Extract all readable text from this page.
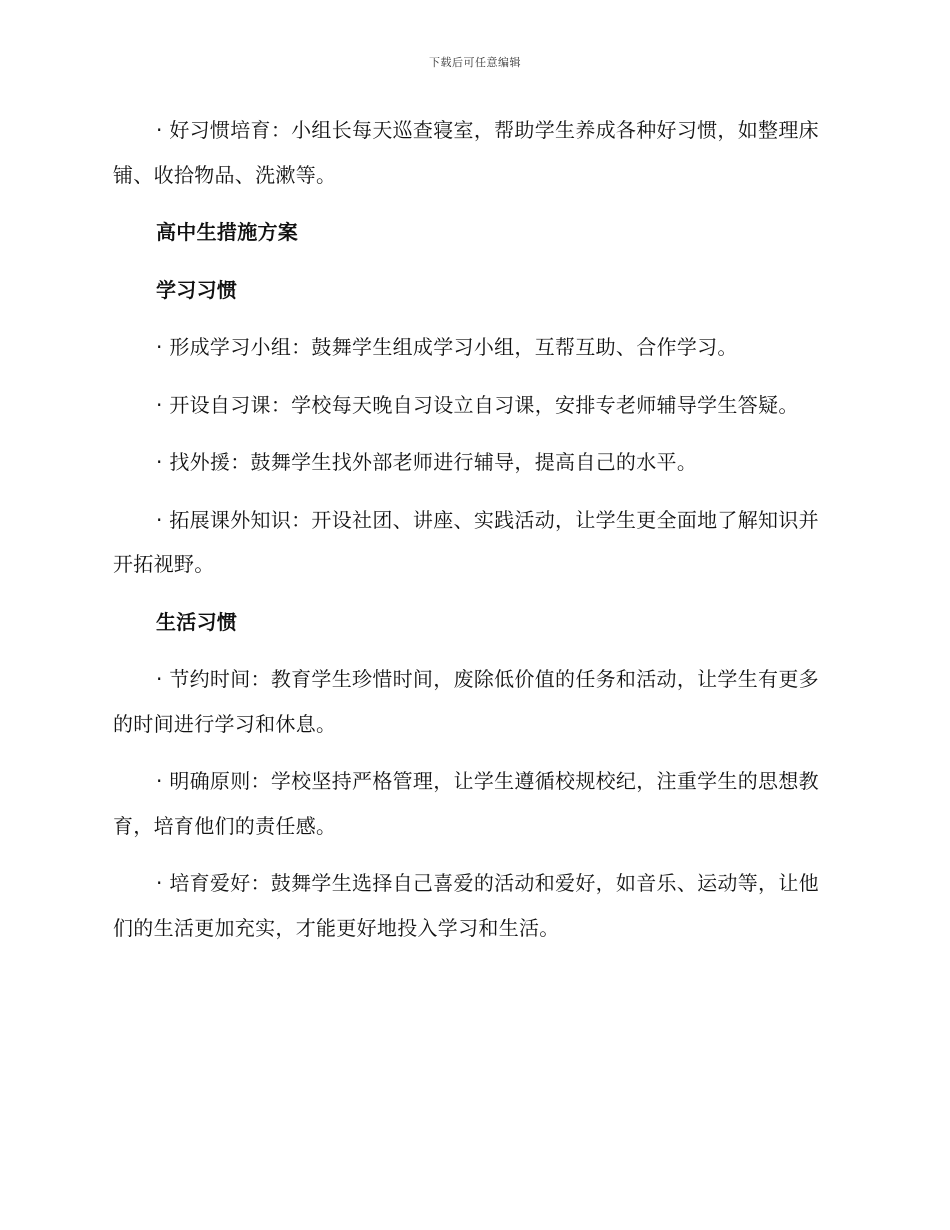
下载后可任意编辑

· 好习惯培育：小组长每天巡查寝室，帮助学生养成各种好习惯，如整理床铺、收拾物品、洗漱等。

高中生措施方案

学习习惯

· 形成学习小组：鼓舞学生组成学习小组，互帮互助、合作学习。

· 开设自习课：学校每天晚自习设立自习课，安排专老师辅导学生答疑。

· 找外援：鼓舞学生找外部老师进行辅导，提高自己的水平。

· 拓展课外知识：开设社团、讲座、实践活动，让学生更全面地了解知识并开拓视野。

生活习惯

· 节约时间：教育学生珍惜时间，废除低价值的任务和活动，让学生有更多的时间进行学习和休息。

· 明确原则：学校坚持严格管理，让学生遵循校规校纪，注重学生的思想教育，培育他们的责任感。

· 培育爱好：鼓舞学生选择自己喜爱的活动和爱好，如音乐、运动等，让他们的生活更加充实，才能更好地投入学习和生活。
